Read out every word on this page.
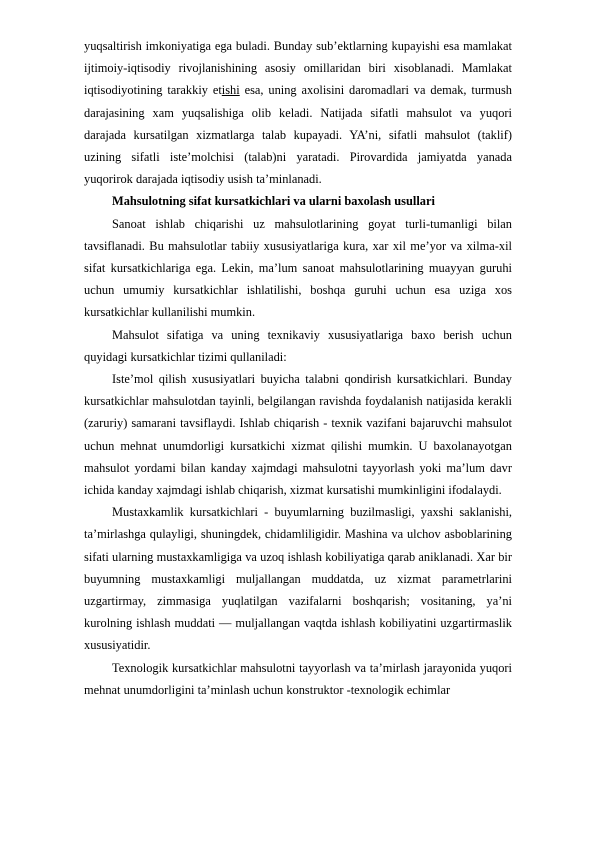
yuqsaltirish imkoniyatiga ega buladi. Bunday sub’ektlarning kupayishi esa mamlakat ijtimoiy-iqtisodiy rivojlanishining asosiy omillaridan biri xisoblanadi. Mamlakat iqtisodiyotining tarakkiy etishi esa, uning axolisini daromadlari va demak, turmush darajasining xam yuqsalishiga olib keladi. Natijada sifatli mahsulot va yuqori darajada kursatilgan xizmatlarga talab kupayadi. YA’ni, sifatli mahsulot (taklif) uzining sifatli iste’molchisi (talab)ni yaratadi. Pirovardida jamiyatda yanada yuqorirok darajada iqtisodiy usish ta’minlanadi.

Mahsulotning sifat kursatkichlari va ularni baxolash usullari

Sanoat ishlab chiqarishi uz mahsulotlarining goyat turli-tumanligi bilan tavsiflanadi. Bu mahsulotlar tabiiy xususiyatlariga kura, xar xil me’yor va xilma-xil sifat kursatkichlariga ega. Lekin, ma’lum sanoat mahsulotlarining muayyan guruhi uchun umumiy kursatkichlar ishlatilishi, boshqa guruhi uchun esa uziga xos kursatkichlar kullanilishi mumkin.

Mahsulot sifatiga va uning texnikaviy xususiyatlariga baxo berish uchun quyidagi kursatkichlar tizimi qullaniladi:

Iste’mol qilish xususiyatlari buyicha talabni qondirish kursatkichlari. Bunday kursatkichlar mahsulotdan tayinli, belgilangan ravishda foydalanish natijasida kerakli (zaruriy) samarani tavsiflaydi. Ishlab chiqarish - texnik vazifani bajaruvchi mahsulot uchun mehnat unumdorligi kursatkichi xizmat qilishi mumkin. U baxolanayotgan mahsulot yordami bilan kanday xajmdagi mahsulotni tayyorlash yoki ma’lum davr ichida kanday xajmdagi ishlab chiqarish, xizmat kursatishi mumkinligini ifodalaydi.

Mustaxkamlik kursatkichlari - buyumlarning buzilmasligi, yaxshi saklanishi, ta’mirlashga qulayligi, shuningdek, chidamliligidir. Mashina va ulchov asboblarining sifati ularning mustaxkamligiga va uzoq ishlash kobiliyatiga qarab aniklanadi. Xar bir buyumning mustaxkamligi muljallangan muddatda, uz xizmat parametrlarini uzgartirmay, zimmasiga yuqlatilgan vazifalarni boshqarish; vositaning, ya’ni kurolning ishlash muddati — muljallangan vaqtda ishlash kobiliyatini uzgartirmaslik xususiyatidir.

Texnologik kursatkichlar mahsulotni tayyorlash va ta’mirlash jarayonida yuqori mehnat unumdorligini ta’minlash uchun konstruktor -texnologik echimlar
